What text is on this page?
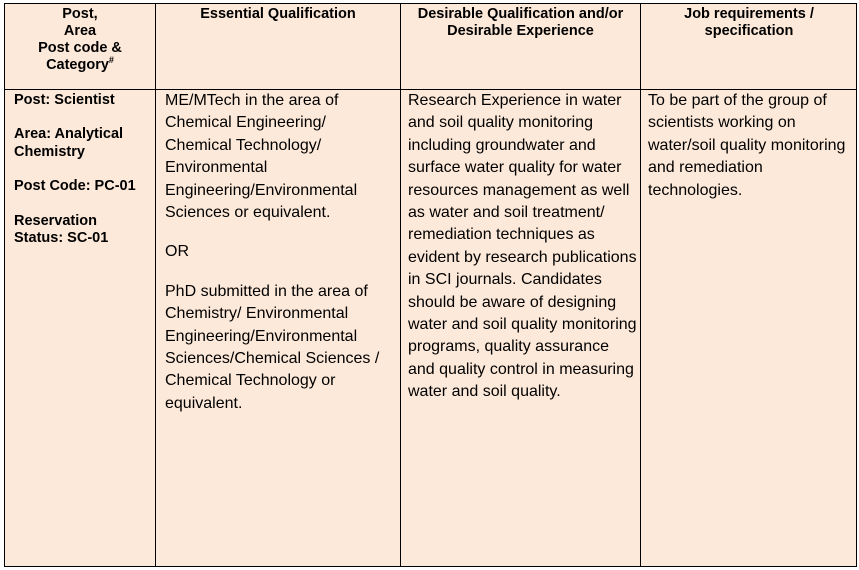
Post,
Area
Post code &
Category#
Essential Qualification	Desirable Qualification and/or
Desirable Experience
Job requirements /
specification

Post: Scientist

Area: Analytical Chemistry

Post Code: PC-01

Reservation Status: SC-01

ME/MTech in the area of Chemical Engineering/ Chemical Technology/ Environmental Engineering/Environmental Sciences or equivalent.

OR

PhD submitted in the area of Chemistry/ Environmental Engineering/Environmental Sciences/Chemical Sciences / Chemical Technology or equivalent.

Research Experience in water and soil quality monitoring including groundwater and surface water quality for water resources management as well as water and soil treatment/ remediation techniques as evident by research publications in SCI journals. Candidates should be aware of designing water and soil quality monitoring programs, quality assurance and quality control in measuring water and soil quality.

To be part of the group of scientists working on water/soil quality monitoring and remediation technologies.
